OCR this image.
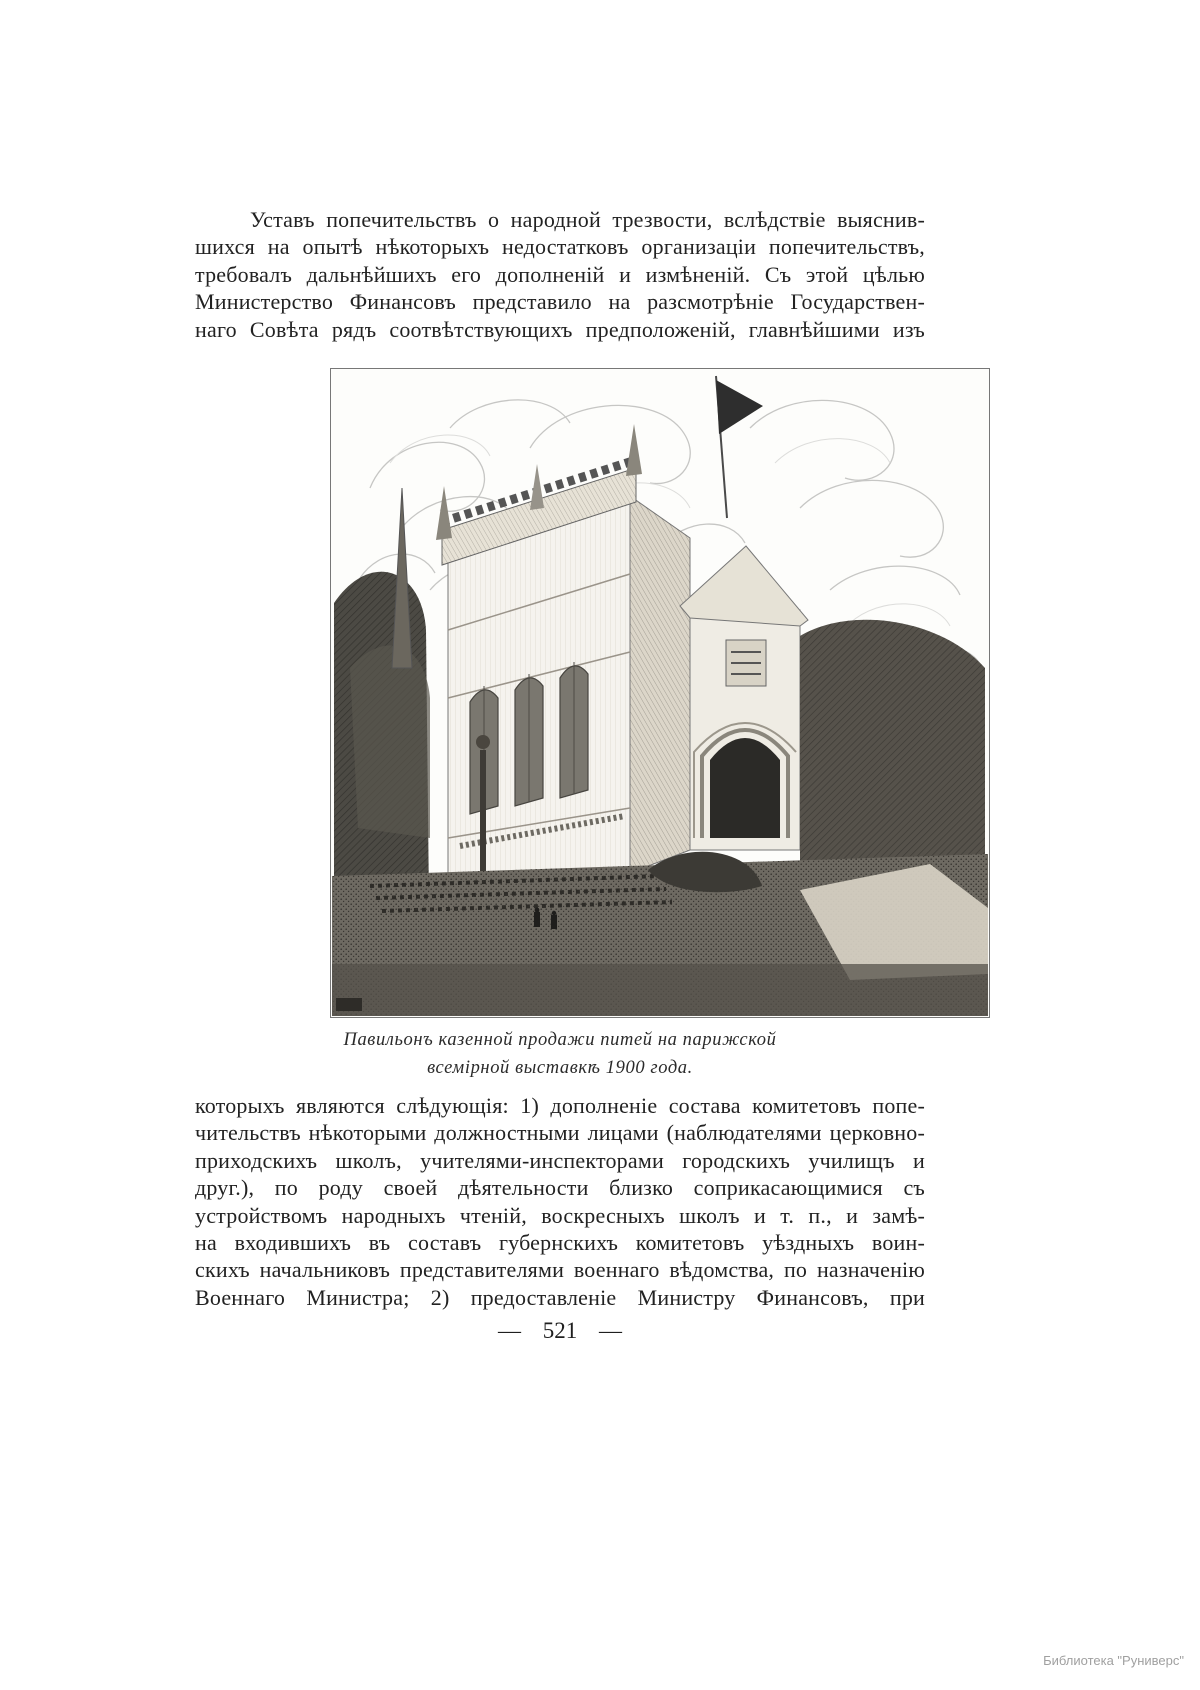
Уставъ попечительствъ о народной трезвости, вслѣдствіе выяснив-
шихся на опытѣ нѣкоторыхъ недостатковъ организаціи попечительствъ,
требовалъ дальнѣйшихъ его дополненій и измѣненій. Съ этой цѣлью
Министерство Финансовъ представило на разсмотрѣніе Государствен-
наго Совѣта рядъ соотвѣтствующихъ предположеній, главнѣйшими изъ
Павильонъ казенной продажи питей на парижской
всемірной выставкѣ 1900 года.
которыхъ являются слѣдующія: 1) дополненіе состава комитетовъ попе-
чительствъ нѣкоторыми должностными лицами (наблюдателями церковно-
приходскихъ школъ, учителями-инспекторами городскихъ училищъ и
друг.), по роду своей дѣятельности близко соприкасающимися съ
устройствомъ народныхъ чтеній, воскресныхъ школъ и т. п., и замѣ-
на входившихъ въ составъ губернскихъ комитетовъ уѣздныхъ воин-
скихъ начальниковъ представителями военнаго вѣдомства, по назначенію
Военнаго Министра; 2) предоставленіе Министру Финансовъ, при
— 521 —
Библиотека "Руниверс"
